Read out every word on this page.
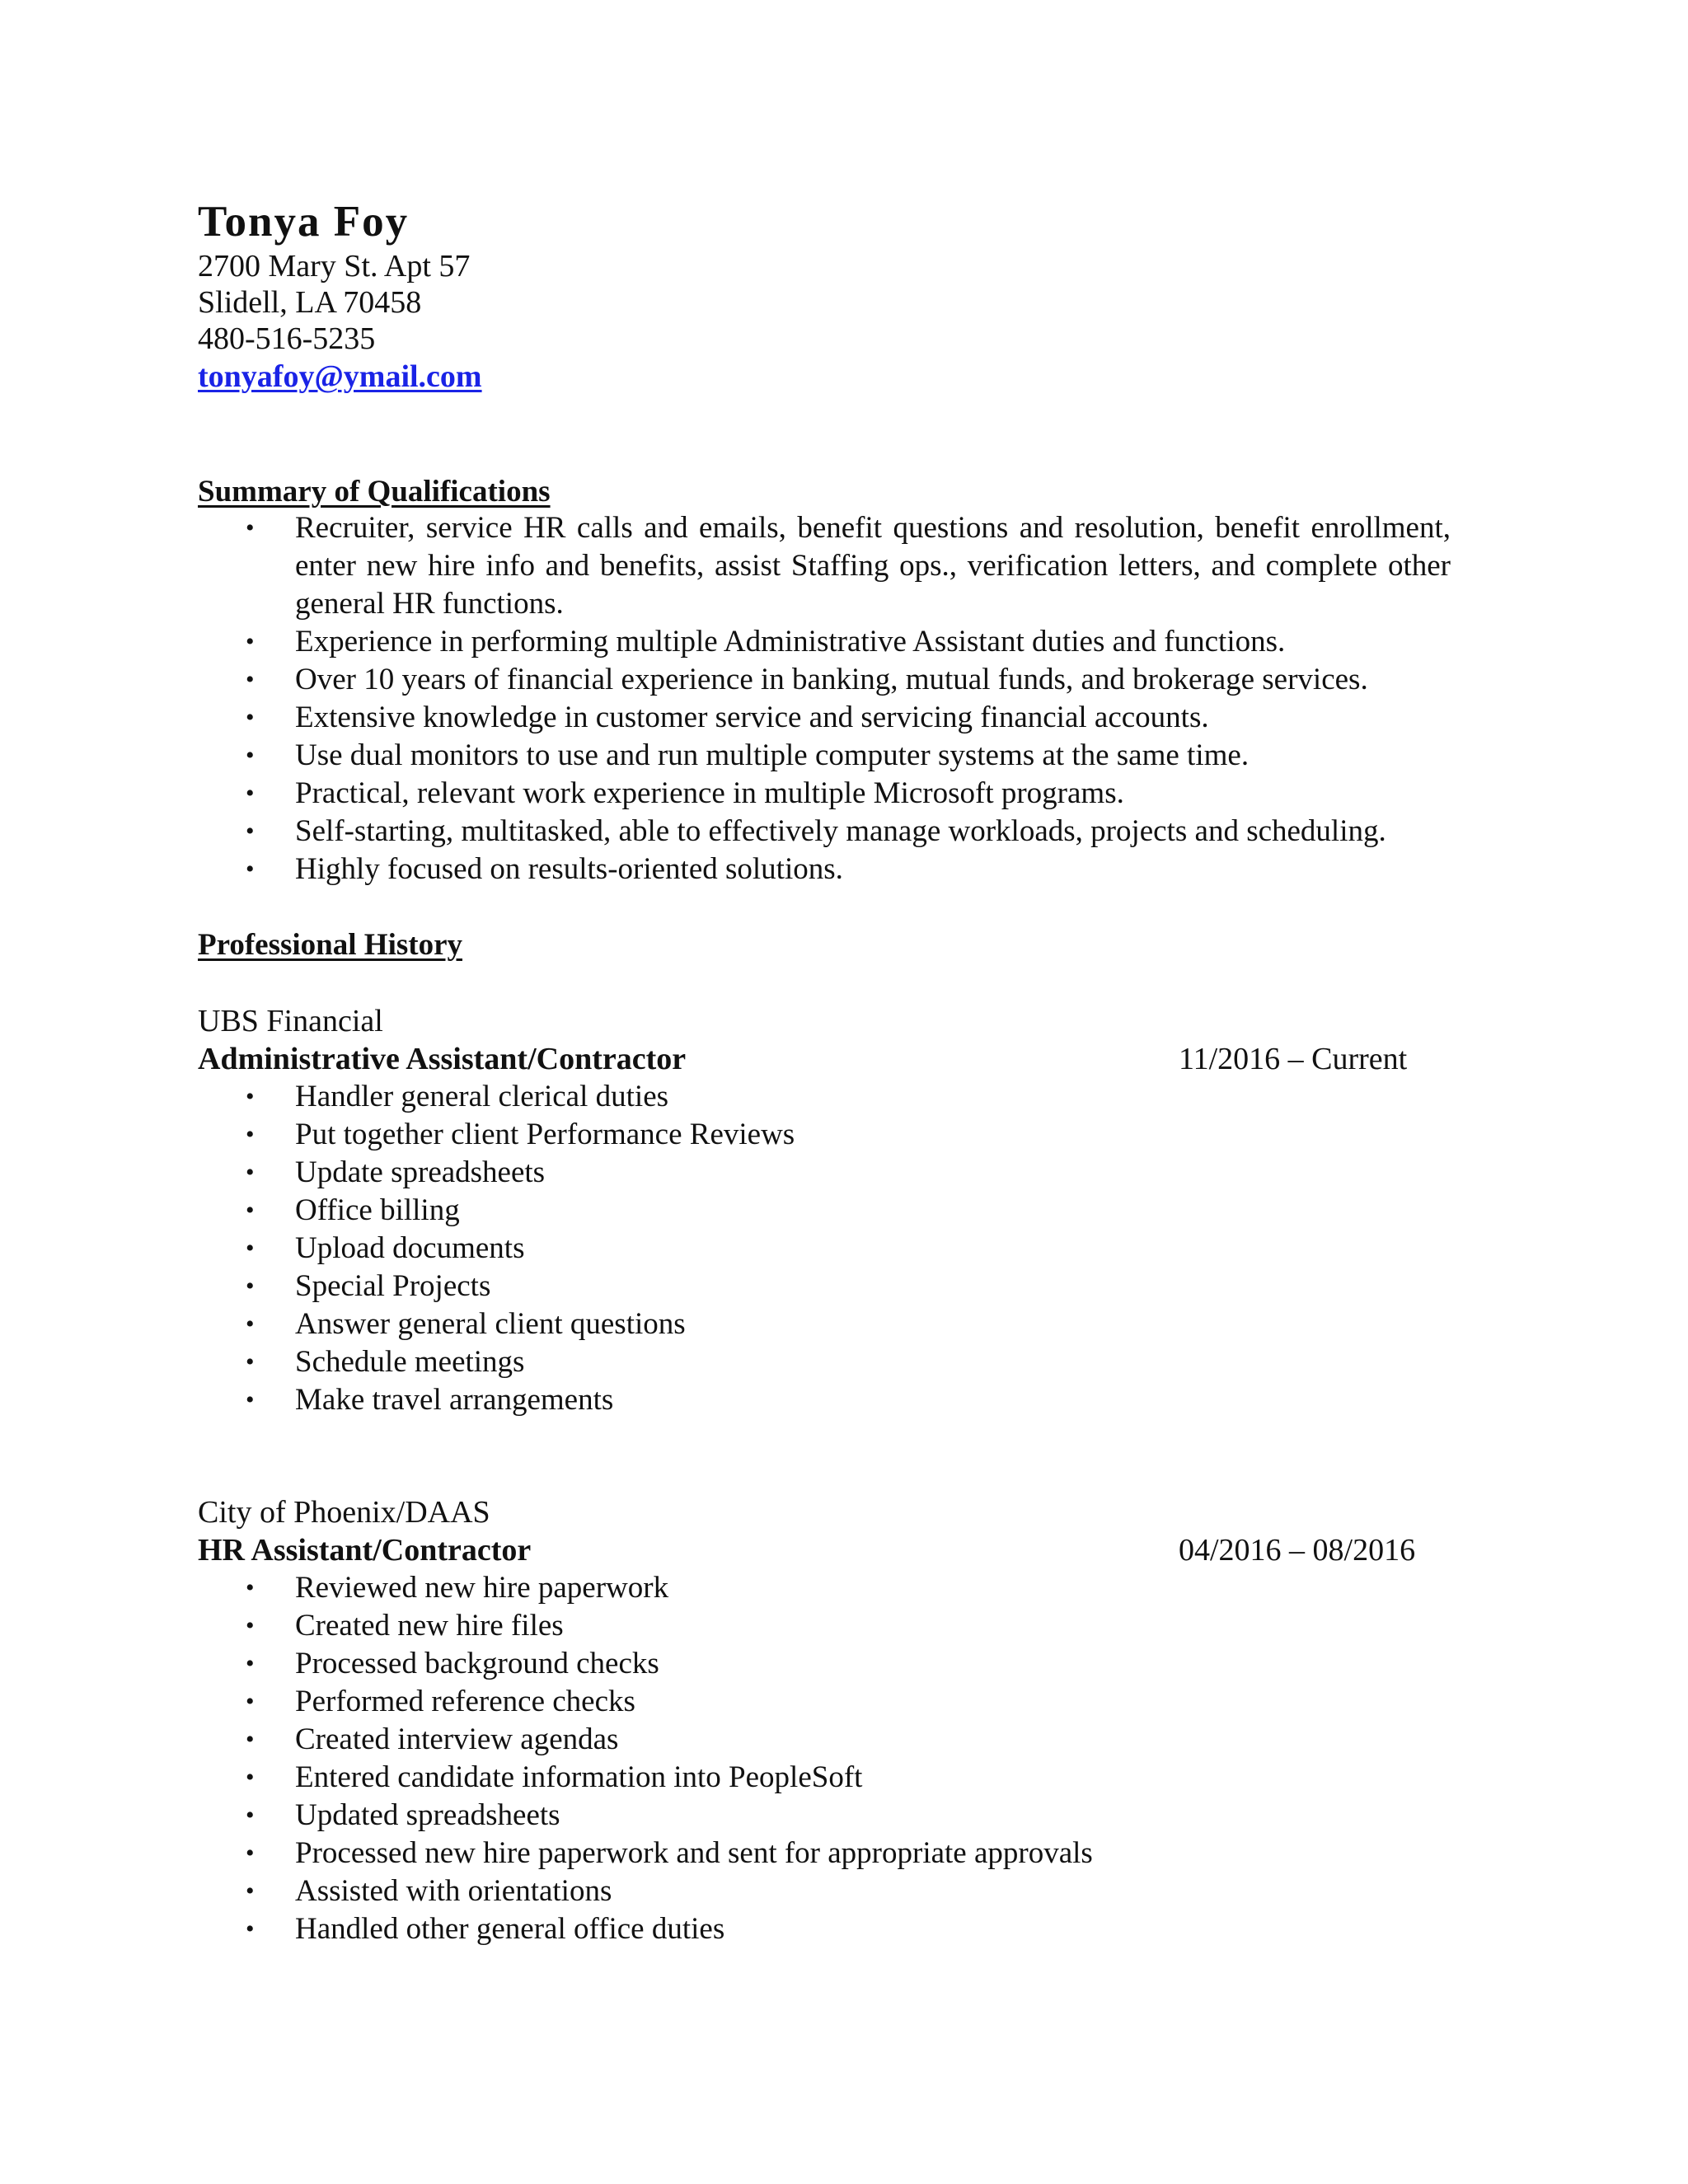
Tonya Foy
2700 Mary St. Apt 57
Slidell, LA 70458
480-516-5235
tonyafoy@ymail.com
Summary of Qualifications
• Recruiter, service HR calls and emails, benefit questions and resolution, benefit enrollment, enter new hire info and benefits, assist Staffing ops., verification letters, and complete other general HR functions.
• Experience in performing multiple Administrative Assistant duties and functions.
• Over 10 years of financial experience in banking, mutual funds, and brokerage services.
• Extensive knowledge in customer service and servicing financial accounts.
• Use dual monitors to use and run multiple computer systems at the same time.
• Practical, relevant work experience in multiple Microsoft programs.
• Self-starting, multitasked, able to effectively manage workloads, projects and scheduling.
• Highly focused on results-oriented solutions.
Professional History
UBS Financial
Administrative Assistant/Contractor	11/2016 – Current
• Handler general clerical duties
• Put together client Performance Reviews
• Update spreadsheets
• Office billing
• Upload documents
• Special Projects
• Answer general client questions
• Schedule meetings
• Make travel arrangements
City of Phoenix/DAAS
HR Assistant/Contractor	04/2016 – 08/2016
• Reviewed new hire paperwork
• Created new hire files
• Processed background checks
• Performed reference checks
• Created interview agendas
• Entered candidate information into PeopleSoft
• Updated spreadsheets
• Processed new hire paperwork and sent for appropriate approvals
• Assisted with orientations
• Handled other general office duties
